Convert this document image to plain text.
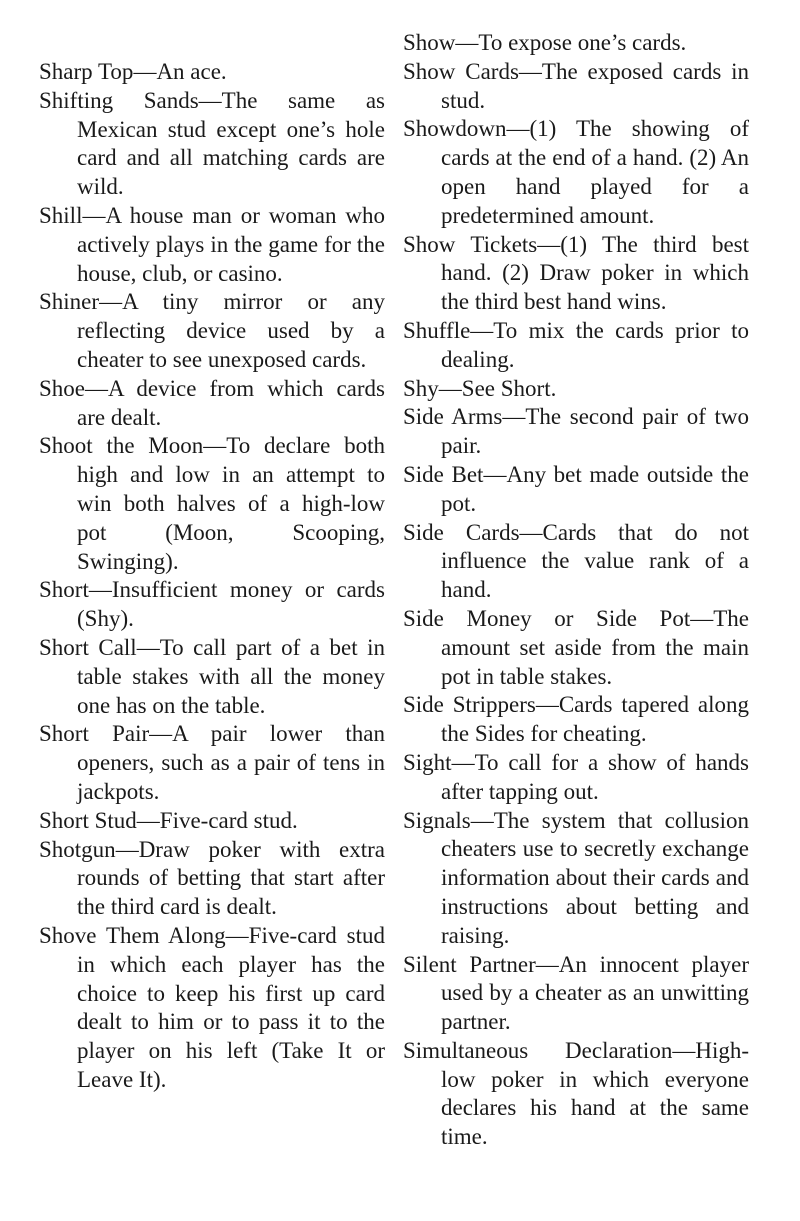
Sharp Top—An ace.

Shifting Sands—The same as Mexican stud except one’s hole card and all matching cards are wild.

Shill—A house man or woman who actively plays in the game for the house, club, or casino.

Shiner—A tiny mirror or any reflecting device used by a cheater to see unexposed cards.

Shoe—A device from which cards are dealt.

Shoot the Moon—To declare both high and low in an attempt to win both halves of a high-low pot (Moon, Scooping, Swinging).

Short—Insufficient money or cards (Shy).

Short Call—To call part of a bet in table stakes with all the money one has on the table.

Short Pair—A pair lower than openers, such as a pair of tens in jackpots.

Short Stud—Five-card stud.

Shotgun—Draw poker with extra rounds of betting that start after the third card is dealt.

Shove Them Along—Five-card stud in which each player has the choice to keep his first up card dealt to him or to pass it to the player on his left (Take It or Leave It).

Show—To expose one’s cards.

Show Cards—The exposed cards in stud.

Showdown—(1) The showing of cards at the end of a hand. (2) An open hand played for a predetermined amount.

Show Tickets—(1) The third best hand. (2) Draw poker in which the third best hand wins.

Shuffle—To mix the cards prior to dealing.

Shy—See Short.

Side Arms—The second pair of two pair.

Side Bet—Any bet made outside the pot.

Side Cards—Cards that do not influence the value rank of a hand.

Side Money or Side Pot—The amount set aside from the main pot in table stakes.

Side Strippers—Cards tapered along the Sides for cheating.

Sight—To call for a show of hands after tapping out.

Signals—The system that collusion cheaters use to secretly exchange information about their cards and instructions about betting and raising.

Silent Partner—An innocent player used by a cheater as an unwitting partner.

Simultaneous Declaration—High-low poker in which everyone declares his hand at the same time.
